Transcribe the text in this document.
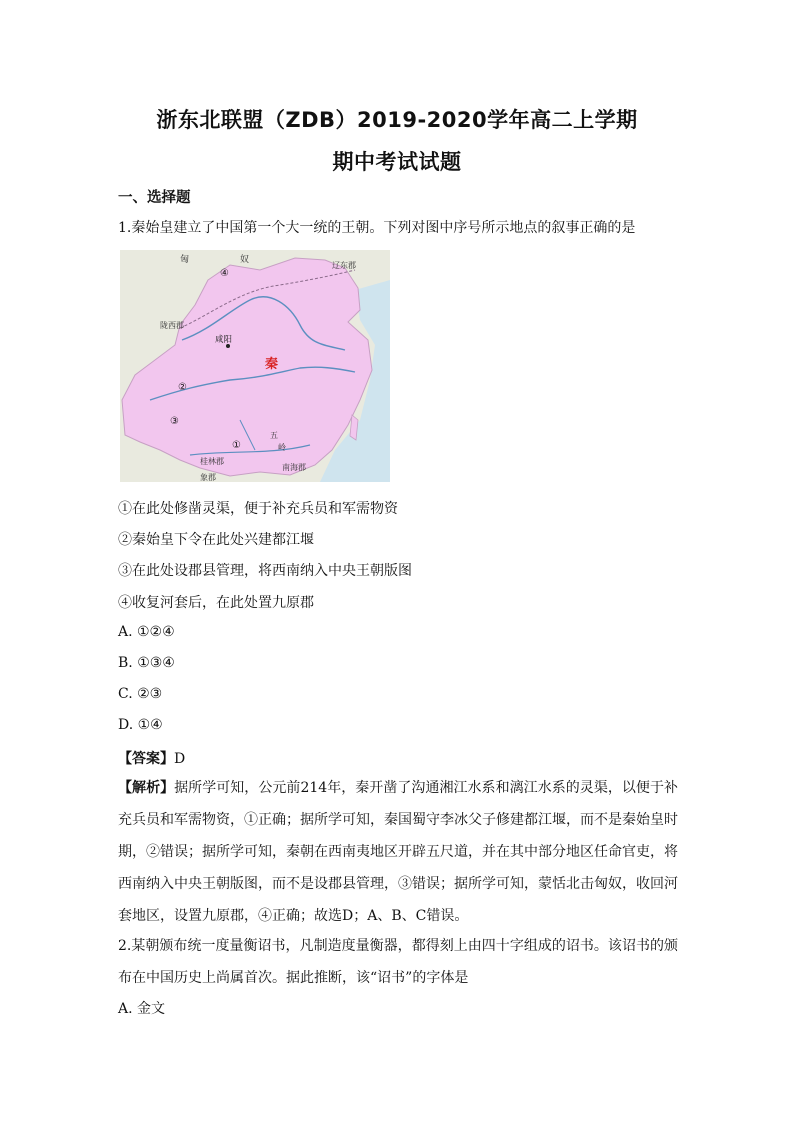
浙东北联盟（ZDB）2019-2020学年高二上学期
期中考试试题
一、选择题
1.秦始皇建立了中国第一个大一统的王朝。下列对图中序号所示地点的叙事正确的是
匈	奴
辽东郡
陇西郡
咸阳
秦
五
岭
桂林郡
南海郡
象郡
④
②
③
①
①在此处修凿灵渠，便于补充兵员和军需物资
②秦始皇下令在此处兴建都江堰
③在此处设郡县管理，将西南纳入中央王朝版图
④收复河套后，在此处置九原郡
A. ①②④
B. ①③④
C. ②③
D. ①④
【答案】D
【解析】据所学可知，公元前214年，秦开凿了沟通湘江水系和漓江水系的灵渠，以便于补充兵员和军需物资，①正确；据所学可知，秦国蜀守李冰父子修建都江堰，而不是秦始皇时期，②错误；据所学可知，秦朝在西南夷地区开辟五尺道，并在其中部分地区任命官吏，将西南纳入中央王朝版图，而不是设郡县管理，③错误；据所学可知，蒙恬北击匈奴，收回河套地区，设置九原郡，④正确；故选D；A、B、C错误。
2.某朝颁布统一度量衡诏书，凡制造度量衡器，都得刻上由四十字组成的诏书。该诏书的颁布在中国历史上尚属首次。据此推断，该“诏书”的字体是
A. 金文
